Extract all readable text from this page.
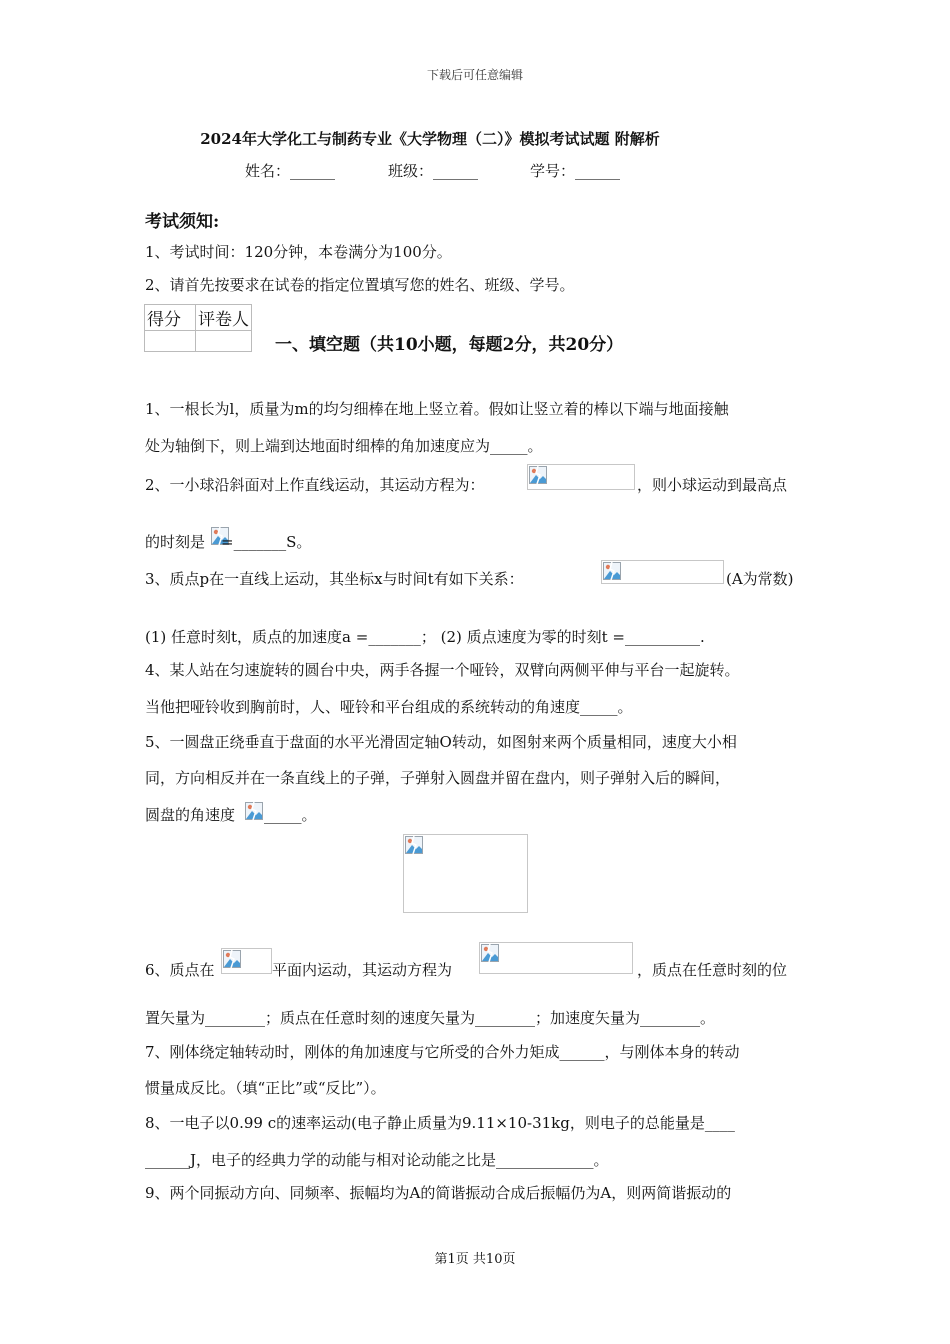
下载后可任意编辑
2024年大学化工与制药专业《大学物理（二）》模拟考试试题 附解析
姓名：______	班级：______	学号：______
考试须知:
1、考试时间：120分钟，本卷满分为100分。
2、请首先按要求在试卷的指定位置填写您的姓名、班级、学号。
得分	评卷人

一、填空题（共10小题，每题2分，共20分）
1、一根长为l，质量为m的均匀细棒在地上竖立着。假如让竖立着的棒以下端与地面接触
处为轴倒下，则上端到达地面时细棒的角加速度应为_____。
2、一小球沿斜面对上作直线运动，其运动方程为：	，则小球运动到最高点
的时刻是 =_______S。
3、质点p在一直线上运动，其坐标x与时间t有如下关系：	(A为常数)
(1) 任意时刻t，质点的加速度a =_______； (2) 质点速度为零的时刻t =__________.
4、某人站在匀速旋转的圆台中央，两手各握一个哑铃，双臂向两侧平伸与平台一起旋转。
当他把哑铃收到胸前时，人、哑铃和平台组成的系统转动的角速度_____。
5、一圆盘正绕垂直于盘面的水平光滑固定轴O转动，如图射来两个质量相同，速度大小相
同，方向相反并在一条直线上的子弹，子弹射入圆盘并留在盘内，则子弹射入后的瞬间，
圆盘的角速度 _____。
6、质点在	平面内运动，其运动方程为	，质点在任意时刻的位
置矢量为________；质点在任意时刻的速度矢量为________；加速度矢量为________。
7、刚体绕定轴转动时，刚体的角加速度与它所受的合外力矩成______，与刚体本身的转动
惯量成反比。（填“正比”或“反比”）。
8、一电子以0.99 c的速率运动(电子静止质量为9.11×10-31kg，则电子的总能量是____
______J，电子的经典力学的动能与相对论动能之比是_____________。
9、两个同振动方向、同频率、振幅均为A的简谐振动合成后振幅仍为A，则两简谐振动的
第1页 共10页
